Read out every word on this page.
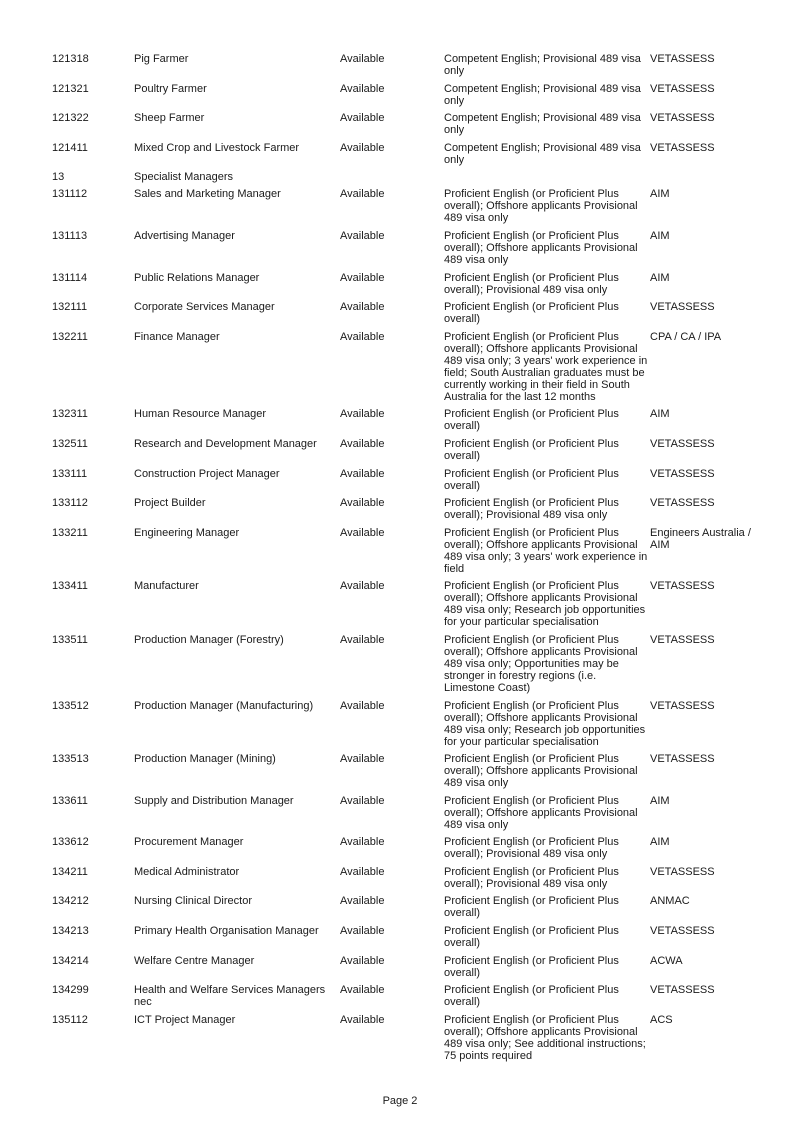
121318	Pig Farmer	Available	Competent English; Provisional 489 visa only	VETASSESS
121321	Poultry Farmer	Available	Competent English; Provisional 489 visa only	VETASSESS
121322	Sheep Farmer	Available	Competent English; Provisional 489 visa only	VETASSESS
121411	Mixed Crop and Livestock Farmer	Available	Competent English; Provisional 489 visa only	VETASSESS
13	Specialist Managers			
131112	Sales and Marketing Manager	Available	Proficient English (or Proficient Plus overall); Offshore applicants Provisional 489 visa only	AIM
131113	Advertising Manager	Available	Proficient English (or Proficient Plus overall); Offshore applicants Provisional 489 visa only	AIM
131114	Public Relations Manager	Available	Proficient English (or Proficient Plus overall); Provisional 489 visa only	AIM
132111	Corporate Services Manager	Available	Proficient English (or Proficient Plus overall)	VETASSESS
132211	Finance Manager	Available	Proficient English (or Proficient Plus overall); Offshore applicants Provisional 489 visa only; 3 years' work experience in field; South Australian graduates must be currently working in their field in South Australia for the last 12 months	CPA / CA / IPA
132311	Human Resource Manager	Available	Proficient English (or Proficient Plus overall)	AIM
132511	Research and Development Manager	Available	Proficient English (or Proficient Plus overall)	VETASSESS
133111	Construction Project Manager	Available	Proficient English (or Proficient Plus overall)	VETASSESS
133112	Project Builder	Available	Proficient English (or Proficient Plus overall); Provisional 489 visa only	VETASSESS
133211	Engineering Manager	Available	Proficient English (or Proficient Plus overall); Offshore applicants Provisional 489 visa only; 3 years' work experience in field	Engineers Australia / AIM
133411	Manufacturer	Available	Proficient English (or Proficient Plus overall); Offshore applicants Provisional 489 visa only; Research job opportunities for your particular specialisation	VETASSESS
133511	Production Manager (Forestry)	Available	Proficient English (or Proficient Plus overall); Offshore applicants Provisional 489 visa only; Opportunities may be stronger in forestry regions (i.e. Limestone Coast)	VETASSESS
133512	Production Manager (Manufacturing)	Available	Proficient English (or Proficient Plus overall); Offshore applicants Provisional 489 visa only; Research job opportunities for your particular specialisation	VETASSESS
133513	Production Manager (Mining)	Available	Proficient English (or Proficient Plus overall); Offshore applicants Provisional 489 visa only	VETASSESS
133611	Supply and Distribution Manager	Available	Proficient English (or Proficient Plus overall); Offshore applicants Provisional 489 visa only	AIM
133612	Procurement Manager	Available	Proficient English (or Proficient Plus overall); Provisional 489 visa only	AIM
134211	Medical Administrator	Available	Proficient English (or Proficient Plus overall); Provisional 489 visa only	VETASSESS
134212	Nursing Clinical Director	Available	Proficient English (or Proficient Plus overall)	ANMAC
134213	Primary Health Organisation Manager	Available	Proficient English (or Proficient Plus overall)	VETASSESS
134214	Welfare Centre Manager	Available	Proficient English (or Proficient Plus overall)	ACWA
134299	Health and Welfare Services Managers nec	Available	Proficient English (or Proficient Plus overall)	VETASSESS
135112	ICT Project Manager	Available	Proficient English (or Proficient Plus overall); Offshore applicants Provisional 489 visa only; See additional instructions; 75 points required	ACS
Page 2
